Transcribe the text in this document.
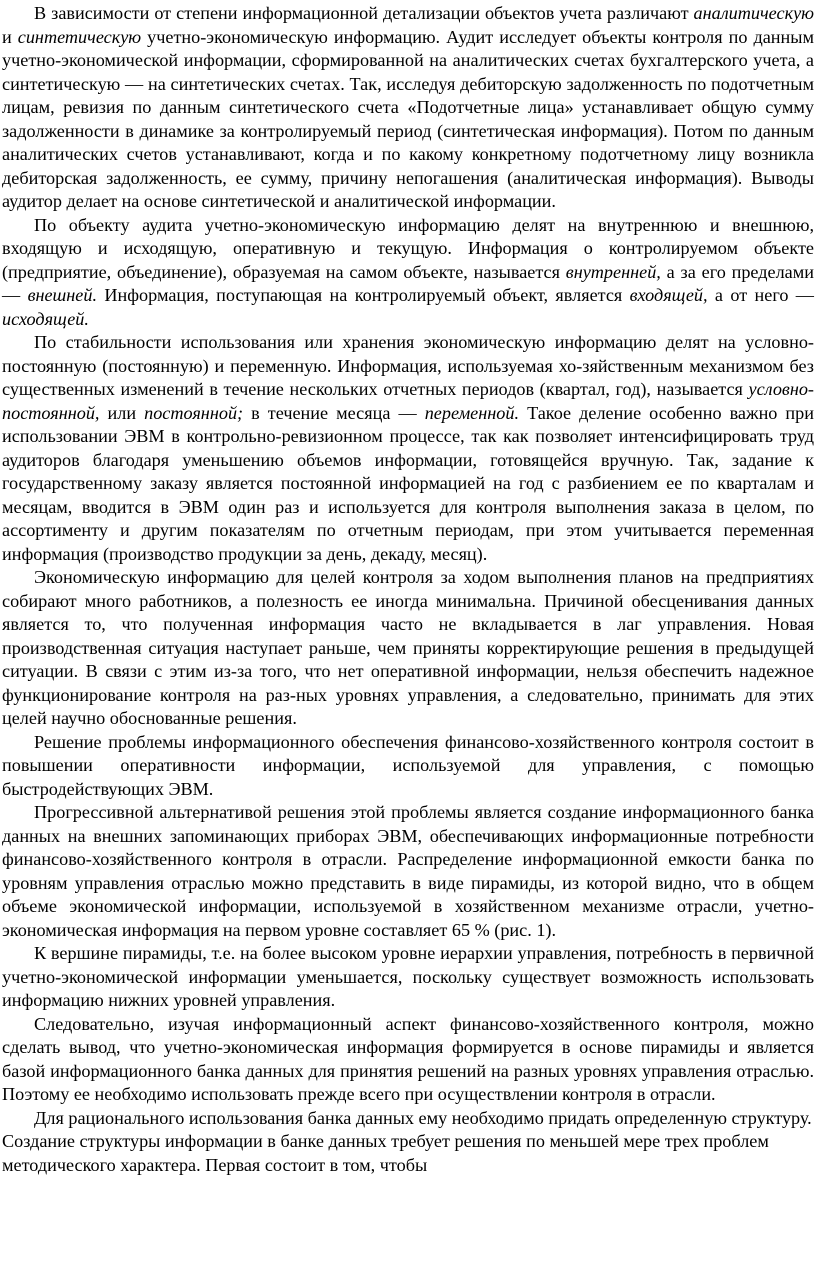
В зависимости от степени информационной детализации объектов учета различают аналитическую и синтетическую учетно-экономическую информацию. Аудит исследует объекты контроля по данным учетно-экономической информации, сформированной на аналитических счетах бухгалтерского учета, а синтетическую — на синтетических счетах. Так, исследуя дебиторскую задолженность по подотчетным лицам, ревизия по данным синтетического счета «Подотчетные лица» устанавливает общую сумму задолженности в динамике за контролируемый период (синтетическая информация). Потом по данным аналитических счетов устанавливают, когда и по какому конкретному подотчетному лицу возникла дебиторская задолженность, ее сумму, причину непогашения (аналитическая информация). Выводы аудитор делает на основе синтетической и аналитической информации.

По объекту аудита учетно-экономическую информацию делят на внутреннюю и внешнюю, входящую и исходящую, оперативную и текущую. Информация о контролируемом объекте (предприятие, объединение), образуемая на самом объекте, называется внутренней, а за его пределами — внешней. Информация, поступающая на контролируемый объект, является входящей, а от него — исходящей.

По стабильности использования или хранения экономическую информацию делят на условно-постоянную (постоянную) и переменную. Информация, используемая хо-зяйственным механизмом без существенных изменений в течение нескольких отчетных периодов (квартал, год), называется условно-постоянной, или постоянной; в течение месяца — переменной. Такое деление особенно важно при использовании ЭВМ в контрольно-ревизионном процессе, так как позволяет интенсифицировать труд аудиторов благодаря уменьшению объемов информации, готовящейся вручную. Так, задание к государственному заказу является постоянной информацией на год с разбиением ее по кварталам и месяцам, вводится в ЭВМ один раз и используется для контроля выполнения заказа в целом, по ассортименту и другим показателям по отчетным периодам, при этом учитывается переменная информация (производство продукции за день, декаду, месяц).

Экономическую информацию для целей контроля за ходом выполнения планов на предприятиях собирают много работников, а полезность ее иногда минимальна. Причиной обесценивания данных является то, что полученная информация часто не вкладывается в лаг управления. Новая производственная ситуация наступает раньше, чем приняты корректирующие решения в предыдущей ситуации. В связи с этим из-за того, что нет оперативной информации, нельзя обеспечить надежное функционирование контроля на раз-ных уровнях управления, а следовательно, принимать для этих целей научно обоснованные решения.

Решение проблемы информационного обеспечения финансово-хозяйственного контроля состоит в повышении оперативности информации, используемой для управления, с помощью быстродействующих ЭВМ.

Прогрессивной альтернативой решения этой проблемы является создание информационного банка данных на внешних запоминающих приборах ЭВМ, обеспечивающих информационные потребности финансово-хозяйственного контроля в отрасли. Распределение информационной емкости банка по уровням управления отраслью можно представить в виде пирамиды, из которой видно, что в общем объеме экономической информации, используемой в хозяйственном механизме отрасли, учетно-экономическая информация на первом уровне составляет 65 % (рис. 1).

К вершине пирамиды, т.е. на более высоком уровне иерархии управления, потребность в первичной учетно-экономической информации уменьшается, поскольку существует возможность использовать информацию нижних уровней управления.

Следовательно, изучая информационный аспект финансово-хозяйственного контроля, можно сделать вывод, что учетно-экономическая информация формируется в основе пирамиды и является базой информационного банка данных для принятия решений на разных уровнях управления отраслью. Поэтому ее необходимо использовать прежде всего при осуществлении контроля в отрасли.

Для рационального использования банка данных ему необходимо придать определенную структуру. Создание структуры информации в банке данных требует решения по меньшей мере трех проблем методического характера. Первая состоит в том, чтобы
